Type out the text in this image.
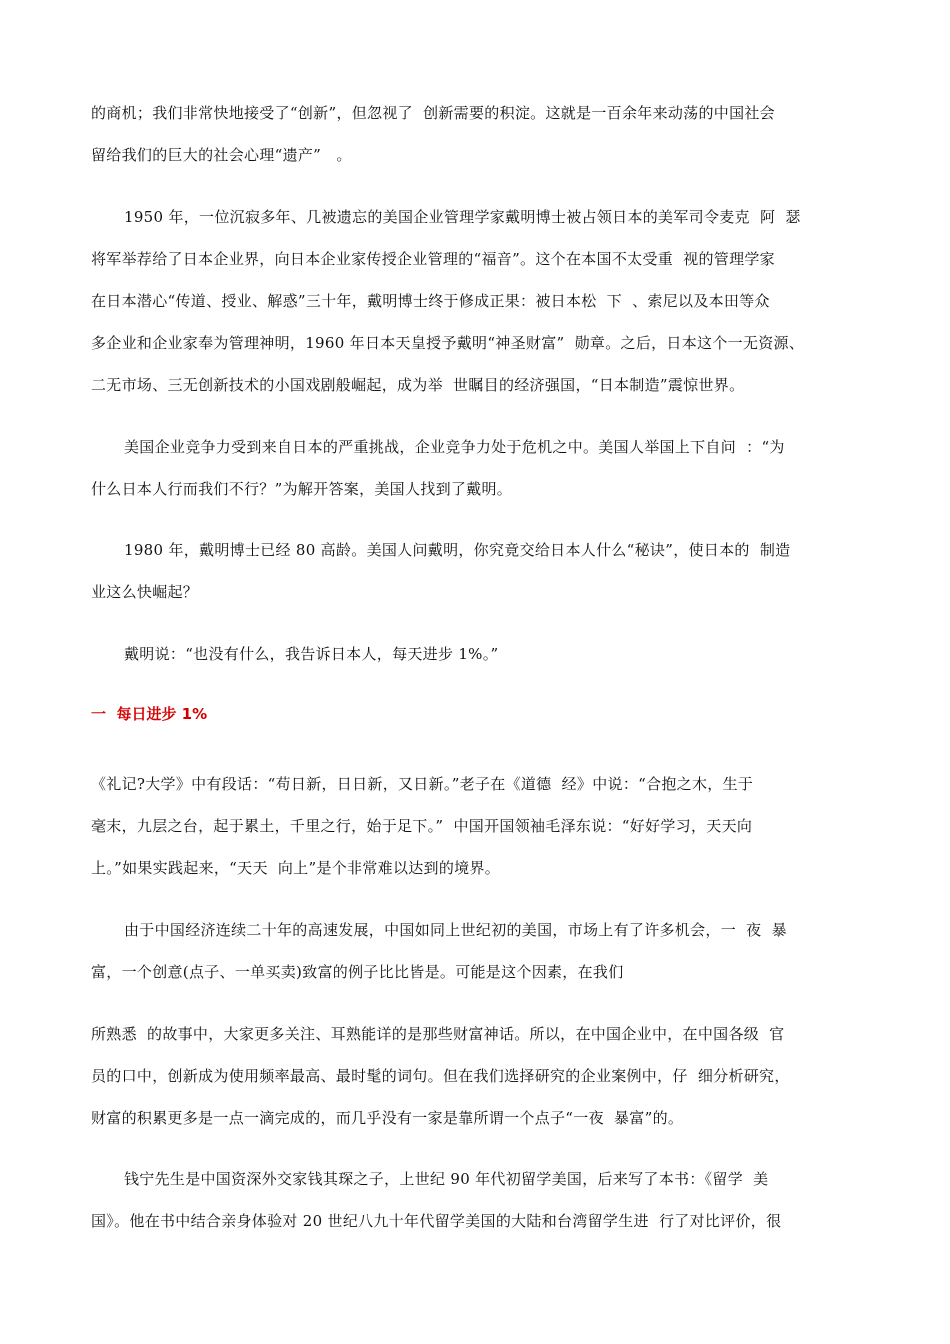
的商机；我们非常快地接受了“创新”，但忽视了  创新需要的积淀。这就是一百余年来动荡的中国社会
留给我们的巨大的社会心理“遗产”   。
1950 年，一位沉寂多年、几被遗忘的美国企业管理学家戴明博士被占领日本的美军司令麦克  阿  瑟
将军举荐给了日本企业界，向日本企业家传授企业管理的“福音”。这个在本国不太受重  视的管理学家
在日本潜心“传道、授业、解惑”三十年，戴明博士终于修成正果：被日本松  下  、索尼以及本田等众
多企业和企业家奉为管理神明，1960 年日本天皇授予戴明“神圣财富”  勋章。之后，日本这个一无资源、
二无市场、三无创新技术的小国戏剧般崛起，成为举  世瞩目的经济强国，“日本制造”震惊世界。
美国企业竞争力受到来自日本的严重挑战，企业竞争力处于危机之中。美国人举国上下自问  ：“为
什么日本人行而我们不行？”为解开答案，美国人找到了戴明。
1980 年，戴明博士已经 80 高龄。美国人问戴明，你究竟交给日本人什么“秘诀”，使日本的  制造
业这么快崛起？
戴明说：“也没有什么，我告诉日本人，每天进步 1%。”
一  每日进步 1%
《礼记?大学》中有段话：“苟日新，日日新，又日新。”老子在《道德  经》中说：“合抱之木，生于
毫末，九层之台，起于累土，千里之行，始于足下。”  中国开国领袖毛泽东说：“好好学习，天天向
上。”如果实践起来，“天天  向上”是个非常难以达到的境界。
由于中国经济连续二十年的高速发展，中国如同上世纪初的美国，市场上有了许多机会，一  夜  暴
富，一个创意(点子、一单买卖)致富的例子比比皆是。可能是这个因素，在我们
所熟悉  的故事中，大家更多关注、耳熟能详的是那些财富神话。所以，在中国企业中，在中国各级  官
员的口中，创新成为使用频率最高、最时髦的词句。但在我们选择研究的企业案例中，仔  细分析研究，
财富的积累更多是一点一滴完成的，而几乎没有一家是靠所谓一个点子“一夜  暴富”的。
钱宁先生是中国资深外交家钱其琛之子，上世纪 90 年代初留学美国，后来写了本书：《留学  美
国》。他在书中结合亲身体验对 20 世纪八九十年代留学美国的大陆和台湾留学生进  行了对比评价，很
